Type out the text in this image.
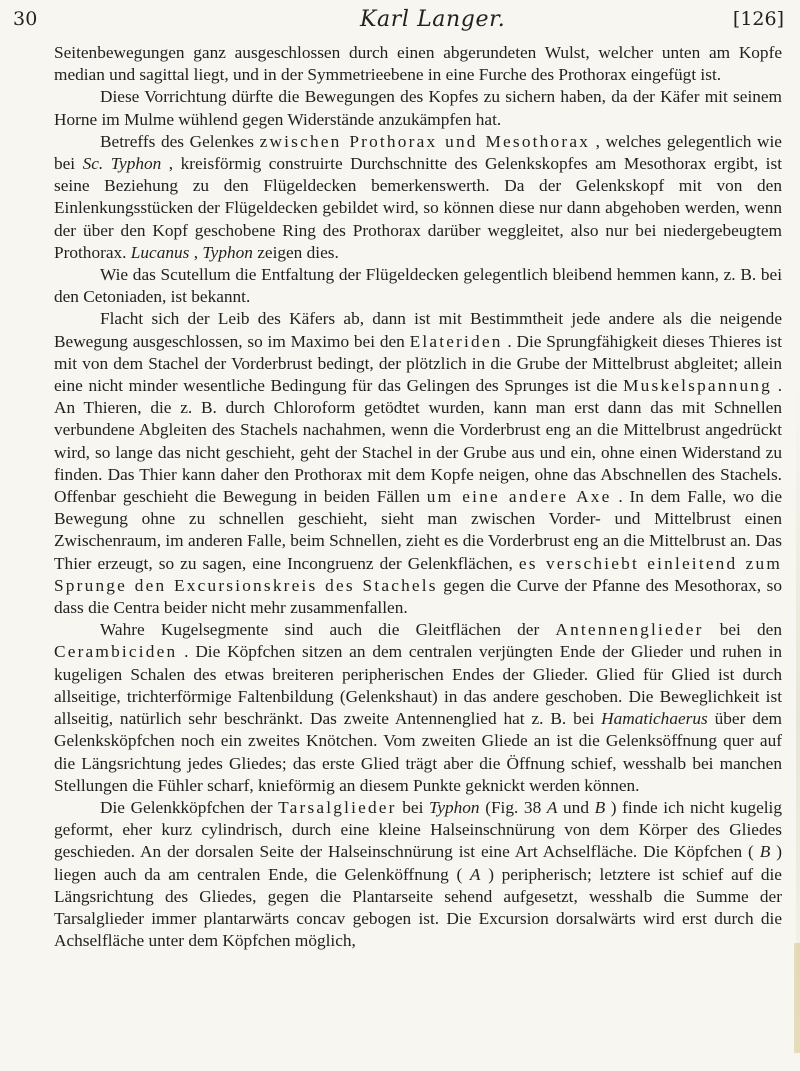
30	Karl Langer.	[126]

Seitenbewegungen ganz ausgeschlossen durch einen abgerundeten Wulst, welcher unten am Kopfe median und sagittal liegt, und in der Symmetrieebene in eine Furche des Prothorax eingefügt ist.

Diese Vorrichtung dürfte die Bewegungen des Kopfes zu sichern haben, da der Käfer mit seinem Horne im Mulme wühlend gegen Widerstände anzukämpfen hat.

Betreffs des Gelenkes zwischen Prothorax und Mesothorax , welches gelegentlich wie bei Sc. Typhon , kreisförmig construirte Durchschnitte des Gelenkskopfes am Mesothorax ergibt, ist seine Beziehung zu den Flügeldecken bemerkenswerth. Da der Gelenkskopf mit von den Einlenkungsstücken der Flügeldecken gebildet wird, so können diese nur dann abgehoben werden, wenn der über den Kopf geschobene Ring des Prothorax darüber weggleitet, also nur bei niedergebeugtem Prothorax. Lucanus , Typhon zeigen dies.

Wie das Scutellum die Entfaltung der Flügeldecken gelegentlich bleibend hemmen kann, z. B. bei den Cetoniaden, ist bekannt.

Flacht sich der Leib des Käfers ab, dann ist mit Bestimmtheit jede andere als die neigende Bewegung ausgeschlossen, so im Maximo bei den Elateriden . Die Sprungfähigkeit dieses Thieres ist mit von dem Stachel der Vorderbrust bedingt, der plötzlich in die Grube der Mittelbrust abgleitet; allein eine nicht minder wesentliche Bedingung für das Gelingen des Sprunges ist die Muskelspannung . An Thieren, die z. B. durch Chloroform getödtet wurden, kann man erst dann das mit Schnellen verbundene Abgleiten des Stachels nachahmen, wenn die Vorderbrust eng an die Mittelbrust angedrückt wird, so lange das nicht geschieht, geht der Stachel in der Grube aus und ein, ohne einen Widerstand zu finden. Das Thier kann daher den Prothorax mit dem Kopfe neigen, ohne das Abschnellen des Stachels. Offenbar geschieht die Bewegung in beiden Fällen um eine andere Axe . In dem Falle, wo die Bewegung ohne zu schnellen geschieht, sieht man zwischen Vorder- und Mittelbrust einen Zwischenraum, im anderen Falle, beim Schnellen, zieht es die Vorderbrust eng an die Mittelbrust an. Das Thier erzeugt, so zu sagen, eine Incongruenz der Gelenkflächen, es verschiebt einleitend zum Sprunge den Excursionskreis des Stachels gegen die Curve der Pfanne des Mesothorax, so dass die Centra beider nicht mehr zusammenfallen.

Wahre Kugelsegmente sind auch die Gleitflächen der Antennenglieder bei den Cerambiciden . Die Köpfchen sitzen an dem centralen verjüngten Ende der Glieder und ruhen in kugeligen Schalen des etwas breiteren peripherischen Endes der Glieder. Glied für Glied ist durch allseitige, trichterförmige Faltenbildung (Gelenkshaut) in das andere geschoben. Die Beweglichkeit ist allseitig, natürlich sehr beschränkt. Das zweite Antennenglied hat z. B. bei Hamatichaerus über dem Gelenksköpfchen noch ein zweites Knötchen. Vom zweiten Gliede an ist die Gelenksöffnung quer auf die Längsrichtung jedes Gliedes; das erste Glied trägt aber die Öffnung schief, wesshalb bei manchen Stellungen die Fühler scharf, knieförmig an diesem Punkte geknickt werden können.

Die Gelenkköpfchen der Tarsalglieder bei Typhon (Fig. 38 A und B ) finde ich nicht kugelig geformt, eher kurz cylindrisch, durch eine kleine Halseinschnürung von dem Körper des Gliedes geschieden. An der dorsalen Seite der Halseinschnürung ist eine Art Achselfläche. Die Köpfchen ( B ) liegen auch da am centralen Ende, die Gelenköffnung ( A ) peripherisch; letztere ist schief auf die Längsrichtung des Gliedes, gegen die Plantarseite sehend aufgesetzt, wesshalb die Summe der Tarsalglieder immer plantarwärts concav gebogen ist. Die Excursion dorsalwärts wird erst durch die Achselfläche unter dem Köpfchen möglich,
